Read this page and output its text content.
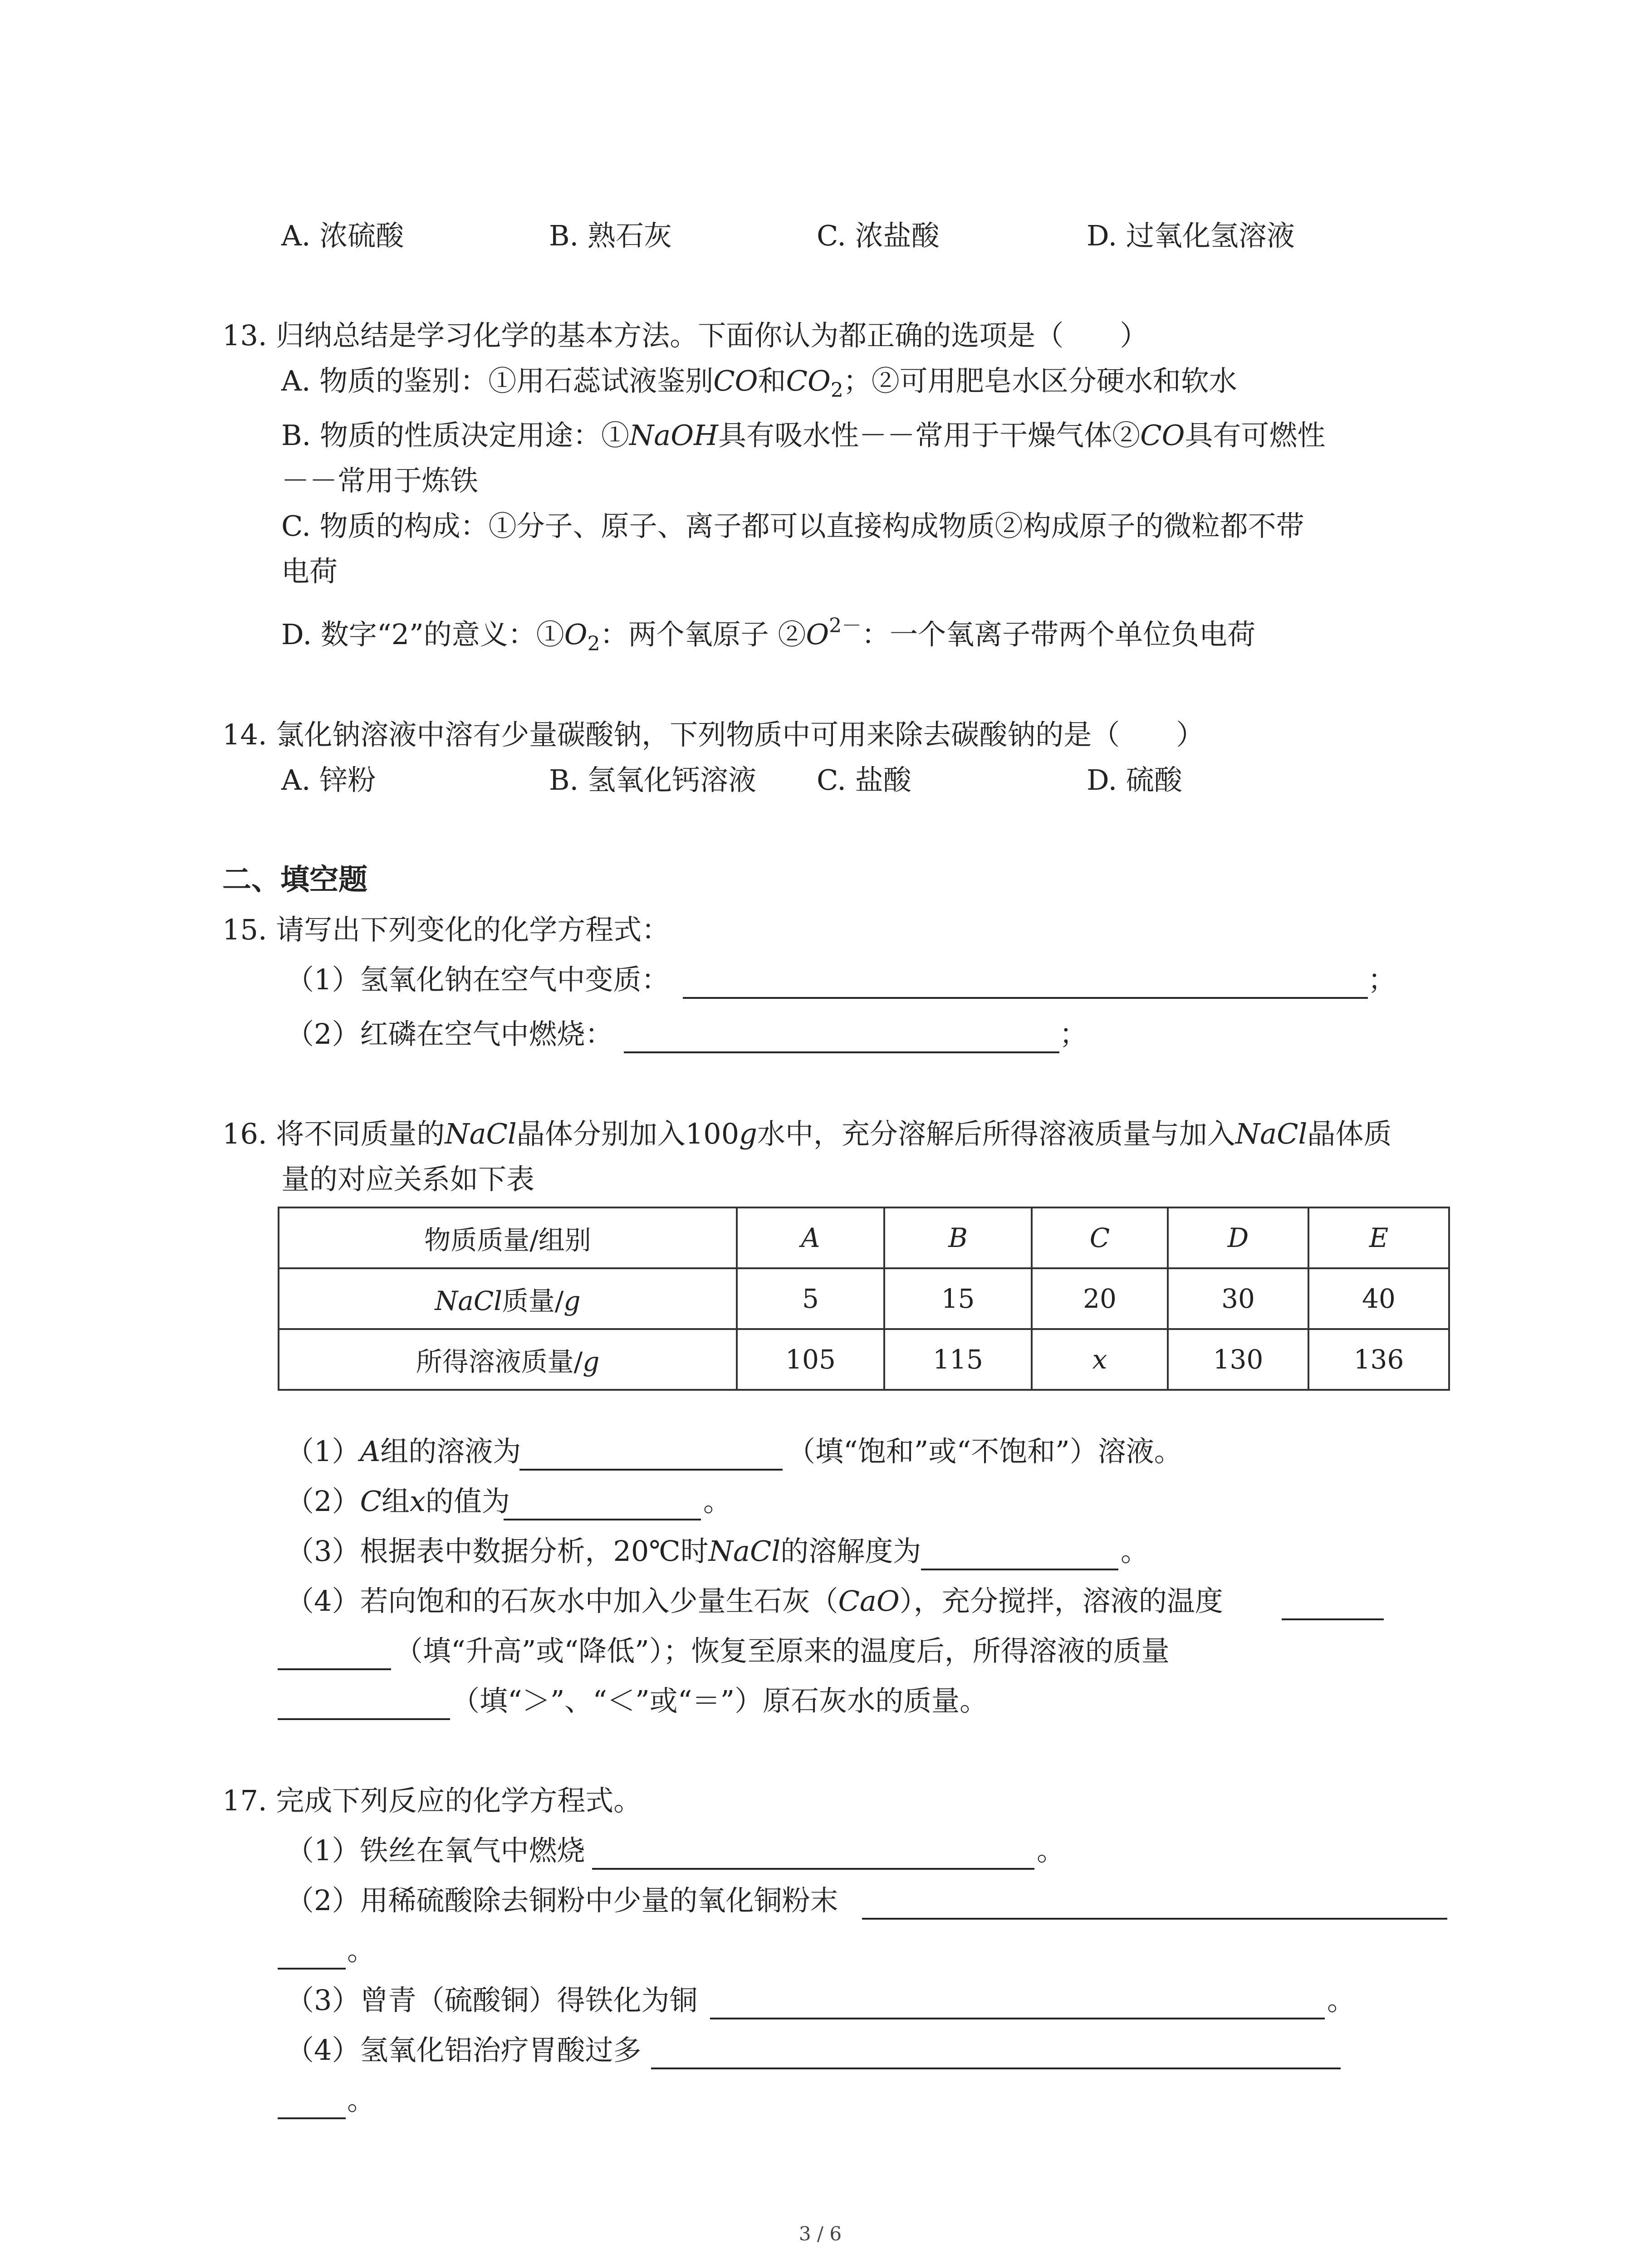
A. 浓硫酸	B. 熟石灰	C. 浓盐酸	D. 过氧化氢溶液
13. 归纳总结是学习化学的基本方法。下面你认为都正确的选项是（　　）
A. 物质的鉴别：①用石蕊试液鉴别CO和$CO_2$；②可用肥皂水区分硬水和软水
B. 物质的性质决定用途：①NaOH具有吸水性－－常用于干燥气体②CO具有可燃性
－－常用于炼铁
C. 物质的构成：①分子、原子、离子都可以直接构成物质②构成原子的微粒都不带
电荷
D. 数字“2”的意义：$①O_2$：两个氧原子 $②O^{2-}$：一个氧离子带两个单位负电荷
14. 氯化钠溶液中溶有少量碳酸钠，下列物质中可用来除去碳酸钠的是（　　）
A. 锌粉	B. 氢氧化钙溶液 C. 盐酸	D. 硫酸
二、填空题
15. 请写出下列变化的化学方程式：
（1）氢氧化钠在空气中变质：	；
（2）红磷在空气中燃烧：	；
16. 将不同质量的NaCl晶体分别加入100g水中，充分溶解后所得溶液质量与加入NaCl晶体质
量的对应关系如下表
物质质量/组别	A	B	C	D	E
NaCl质量/g	5	15	20	30	40
所得溶液质量/g	105	115	x	130	136
（1）A组的溶液为	（填“饱和”或“不饱和”）溶液。
（2）C组x的值为	。
（3）根据表中数据分析，20℃时NaCl的溶解度为	。
（4）若向饱和的石灰水中加入少量生石灰（CaO），充分搅拌，溶液的温度
（填“升高”或“降低”）；恢复至原来的温度后，所得溶液的质量
（填“＞”、“＜”或“＝”）原石灰水的质量。
17. 完成下列反应的化学方程式。
（1）铁丝在氧气中燃烧	。
（2）用稀硫酸除去铜粉中少量的氧化铜粉末
。
（3）曾青（硫酸铜）得铁化为铜	。
（4）氢氧化铝治疗胃酸过多
。
3 / 6
